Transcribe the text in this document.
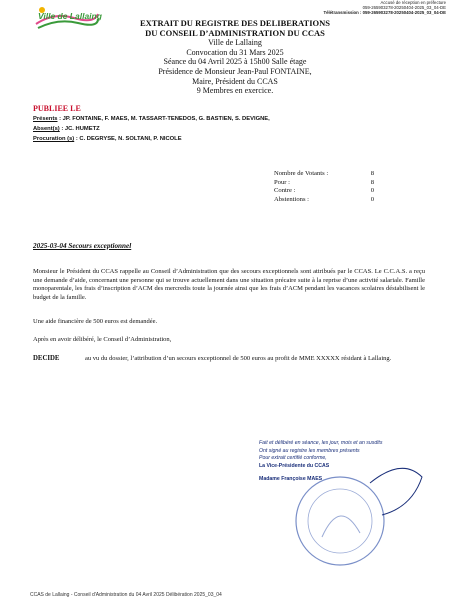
Ville de Lallaing
Accusé de réception en préfecture
059-265903278-20250404-2025_03_04-DE
Télétransmission : 059-265903278-20250404-2025_03_04-DE
EXTRAIT DU REGISTRE DES DELIBERATIONS
DU CONSEIL D’ADMINISTRATION DU CCAS
Ville de Lallaing
Convocation du 31 Mars 2025
Séance du 04 Avril 2025 à 15h00 Salle étage
Présidence de Monsieur Jean-Paul FONTAINE,
Maire, Président du CCAS
9 Membres en exercice.
PUBLIEE LE
Présents : JP. FONTAINE, F. MAES, M. TASSART-TENEDOS, G. BASTIEN, S. DEVIGNE,
Absent(s) : JC. HUMETZ
Procuration (s) : C. DEGRYSE, N. SOLTANI, P. NICOLE
Nombre de Votants :	8
Pour :	8
Contre :	0
Abstentions :	0
2025-03-04 Secours exceptionnel
Monsieur le Président du CCAS rappelle au Conseil d’Administration que des secours exceptionnels sont attribués par le CCAS. Le C.C.A.S. a reçu une demande d’aide, concernant une personne qui se trouve actuellement dans une situation précaire suite à la reprise d’une activité salariale. Famille monoparentale, les frais d’inscription d’ACM des mercredis toute la journée ainsi que les frais d’ACM pendant les vacances scolaires déstabilisent le budget de la famille.
Une aide financière de 500 euros est demandée.
Après en avoir délibéré, le Conseil d’Administration,
DECIDE	au vu du dossier, l’attribution d’un secours exceptionnel de 500 euros au profit de MME XXXXX résidant à Lallaing.
Fait et délibéré en séance, les jour, mois et an susdits
Ont signé au registre les membres présents
Pour extrait certifié conforme,
La Vice-Présidente du CCAS
Madame Françoise MAES
CCAS de Lallaing - Conseil d'Administration du 04 Avril 2025 Délibération 2025_03_04
